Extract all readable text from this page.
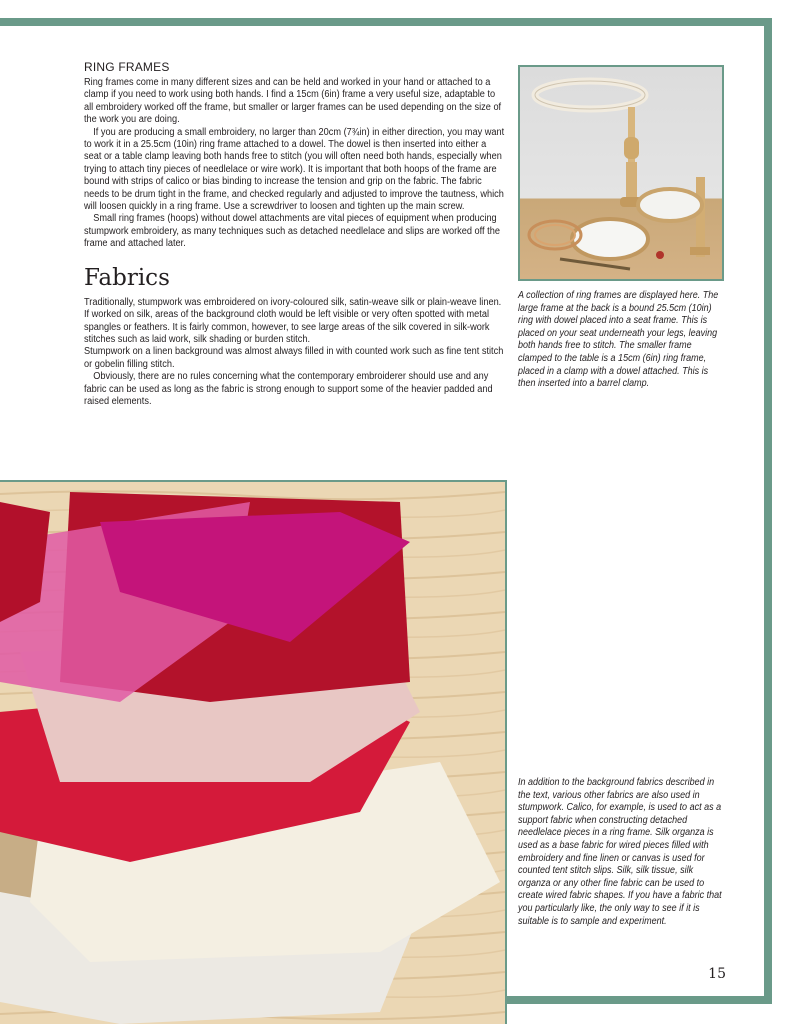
RING FRAMES

Ring frames come in many different sizes and can be held and worked in your hand or attached to a clamp if you need to work using both hands. I find a 15cm (6in) frame a very useful size, adaptable to all embroidery worked off the frame, but smaller or larger frames can be used depending on the size of the work you are doing.

If you are producing a small embroidery, no larger than 20cm (7¾in) in either direction, you may want to work it in a 25.5cm (10in) ring frame attached to a dowel. The dowel is then inserted into either a seat or a table clamp leaving both hands free to stitch (you will often need both hands, especially when trying to attach tiny pieces of needlelace or wire work). It is important that both hoops of the frame are bound with strips of calico or bias binding to increase the tension and grip on the fabric. The fabric needs to be drum tight in the frame, and checked regularly and adjusted to improve the tautness, which will loosen quickly in a ring frame. Use a screwdriver to loosen and tighten up the main screw.

Small ring frames (hoops) without dowel attachments are vital pieces of equipment when producing stumpwork embroidery, as many techniques such as detached needlelace and slips are worked off the frame and attached later.

Fabrics

Traditionally, stumpwork was embroidered on ivory-coloured silk, satin-weave silk or plain-weave linen. If worked on silk, areas of the background cloth would be left visible or very often spotted with metal spangles or feathers. It is fairly common, however, to see large areas of the silk covered in silk-work stitches such as laid work, silk shading or burden stitch.

Stumpwork on a linen background was almost always filled in with counted work such as fine tent stitch or gobelin filling stitch.

Obviously, there are no rules concerning what the contemporary embroiderer should use and any fabric can be used as long as the fabric is strong enough to support some of the heavier padded and raised elements.

A collection of ring frames are displayed here. The large frame at the back is a bound 25.5cm (10in) ring with dowel placed into a seat frame. This is placed on your seat underneath your legs, leaving both hands free to stitch. The smaller frame clamped to the table is a 15cm (6in) ring frame, placed in a clamp with a dowel attached. This is then inserted into a barrel clamp.

In addition to the background fabrics described in the text, various other fabrics are also used in stumpwork. Calico, for example, is used to act as a support fabric when constructing detached needlelace pieces in a ring frame. Silk organza is used as a base fabric for wired pieces filled with embroidery and fine linen or canvas is used for counted tent stitch slips. Silk, silk tissue, silk organza or any other fine fabric can be used to create wired fabric shapes. If you have a fabric that you particularly like, the only way to see if it is suitable is to sample and experiment.

15
